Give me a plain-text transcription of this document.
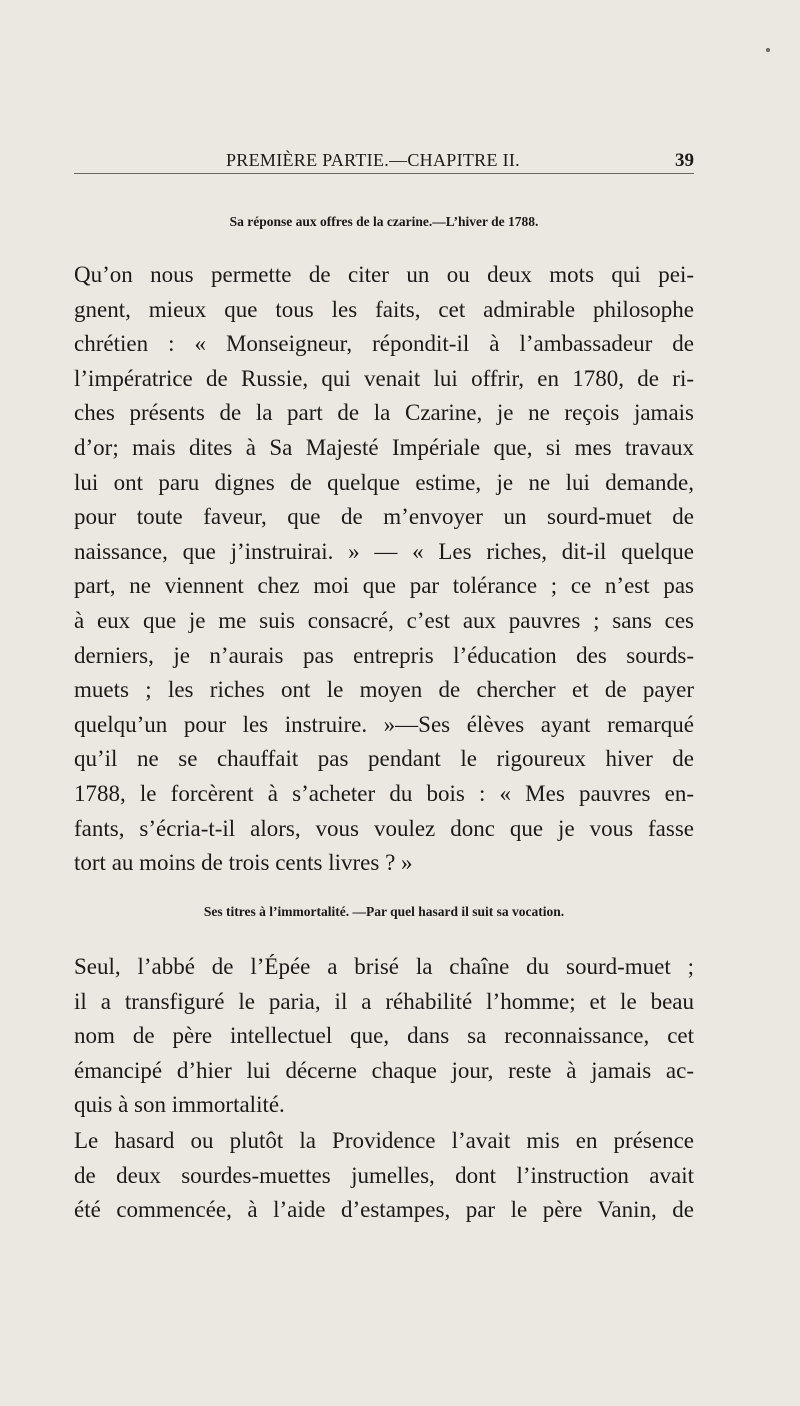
PREMIÈRE PARTIE.—CHAPITRE II.	39
Sa réponse aux offres de la czarine.—L’hiver de 1788.
Qu’on nous permette de citer un ou deux mots qui pei-
gnent, mieux que tous les faits, cet admirable philosophe
chrétien : « Monseigneur, répondit-il à l’ambassadeur de
l’impératrice de Russie, qui venait lui offrir, en 1780, de ri-
ches présents de la part de la Czarine, je ne reçois jamais
d’or; mais dites à Sa Majesté Impériale que, si mes travaux
lui ont paru dignes de quelque estime, je ne lui demande,
pour toute faveur, que de m’envoyer un sourd-muet de
naissance, que j’instruirai. » — « Les riches, dit-il quelque
part, ne viennent chez moi que par tolérance ; ce n’est pas
à eux que je me suis consacré, c’est aux pauvres ; sans ces
derniers, je n’aurais pas entrepris l’éducation des sourds-
muets ; les riches ont le moyen de chercher et de payer
quelqu’un pour les instruire. »—Ses élèves ayant remarqué
qu’il ne se chauffait pas pendant le rigoureux hiver de
1788, le forcèrent à s’acheter du bois : « Mes pauvres en-
fants, s’écria-t-il alors, vous voulez donc que je vous fasse
tort au moins de trois cents livres ? »
Ses titres à l’immortalité. —Par quel hasard il suit sa vocation.
Seul, l’abbé de l’Épée a brisé la chaîne du sourd-muet ;
il a transfiguré le paria, il a réhabilité l’homme; et le beau
nom de père intellectuel que, dans sa reconnaissance, cet
émancipé d’hier lui décerne chaque jour, reste à jamais ac-
quis à son immortalité.
Le hasard ou plutôt la Providence l’avait mis en présence
de deux sourdes-muettes jumelles, dont l’instruction avait
été commencée, à l’aide d’estampes, par le père Vanin, de
